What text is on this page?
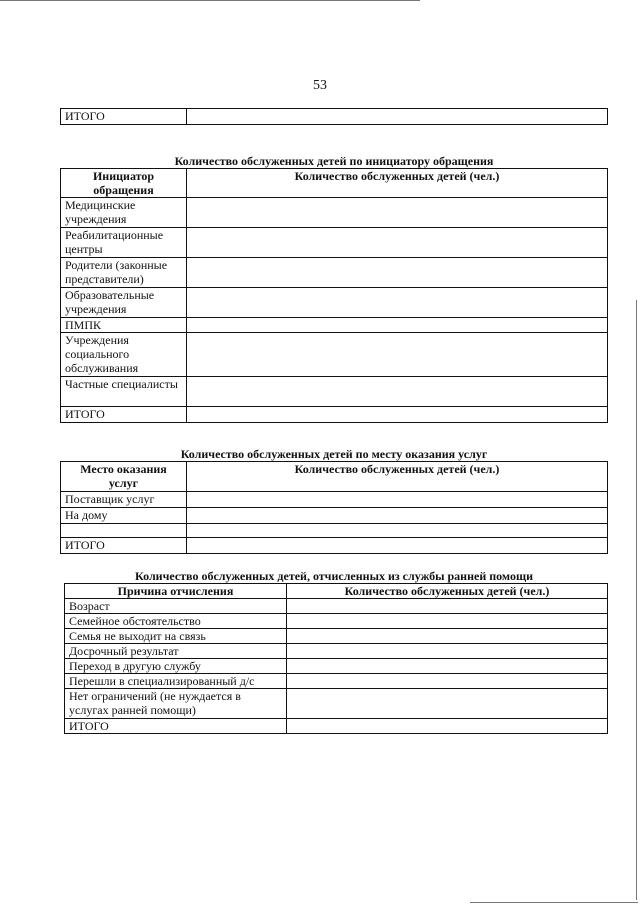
53
ИТОГО	
Количество обслуженных детей по инициатору обращения
Инициатор обращения	Количество обслуженных детей (чел.)
Медицинские учреждения	
Реабилитационные центры	
Родители (законные представители)	
Образовательные учреждения	
ПМПК	
Учреждения социального обслуживания	
Частные специалисты	
ИТОГО	
Количество обслуженных детей по месту оказания услуг
Место оказания услуг	Количество обслуженных детей (чел.)
Поставщик услуг	
На дому	

ИТОГО	
Количество обслуженных детей, отчисленных из службы ранней помощи
Причина отчисления	Количество обслуженных детей (чел.)
Возраст	
Семейное обстоятельство	
Семья не выходит на связь	
Досрочный результат	
Переход в другую службу	
Перешли в специализированный д/с	
Нет ограничений (не нуждается в услугах ранней помощи)	
ИТОГО	
